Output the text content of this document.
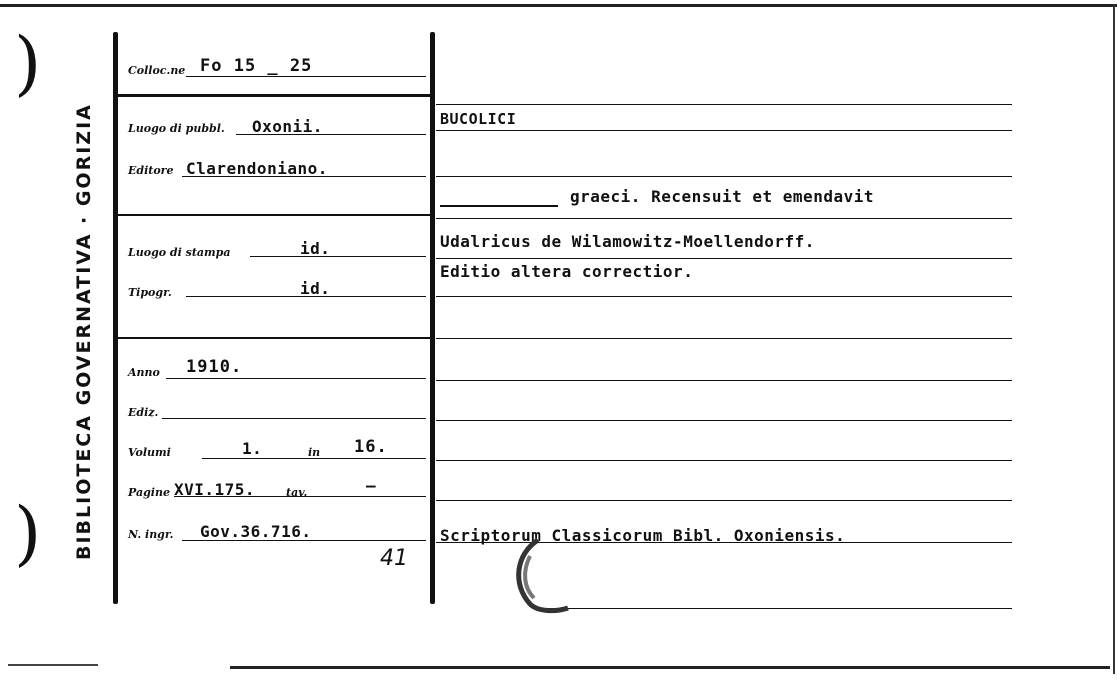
)
) BIBLIOTECA GOVERNATIVA · GORIZIA
Colloc.ne Fo 15 _ 25
Luogo di pubbl. Oxonii.
Editore Clarendoniano.
Luogo di stampa	id.
Tipogr.	id.
Anno 1910.
Ediz.
Volumi	1.	in 16.
Pagine XVI.175.	tav.	—
N. ingr. Gov.36.716.
41
BUCOLICI
graeci. Recensuit et emendavit
Udalricus de Wilamowitz-Moellendorff.
Editio altera correctior.
Scriptorum Classicorum Bibl. Oxoniensis.
